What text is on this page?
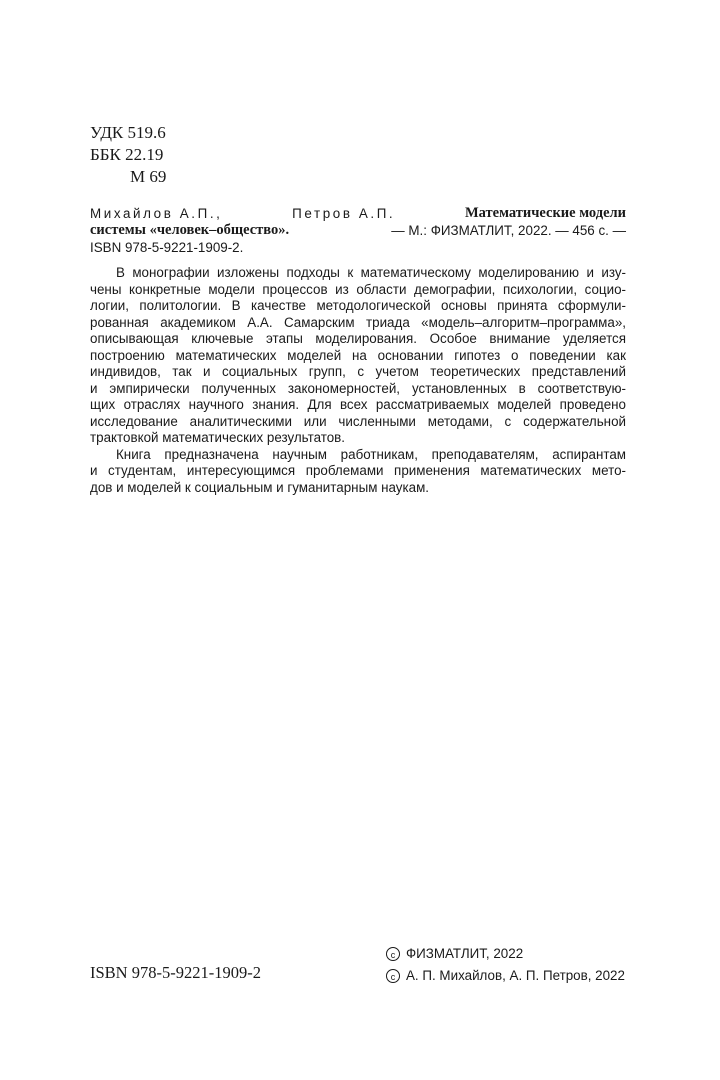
УДК 519.6
ББК 22.19
М 69
Михайлов А.П.,	Петров А.П.	Математические модели
системы «человек–общество».	— М.: ФИЗМАТЛИТ, 2022. — 456 с. —
ISBN 978-5-9221-1909-2.
В монографии изложены подходы к математическому моделированию и изу-
чены конкретные модели процессов из области демографии, психологии, социо-
логии, политологии. В качестве методологической основы принята сформули-
рованная академиком А.А. Самарским триада «модель–алгоритм–программа»,
описывающая ключевые этапы моделирования. Особое внимание уделяется
построению математических моделей на основании гипотез о поведении как
индивидов, так и социальных групп, с учетом теоретических представлений
и эмпирически полученных закономерностей, установленных в соответствую-
щих отраслях научного знания. Для всех рассматриваемых моделей проведено
исследование аналитическими или численными методами, с содержательной
трактовкой математических результатов.
Книга предназначена научным работникам, преподавателям, аспирантам
и студентам, интересующимся проблемами применения математических мето-
дов и моделей к социальным и гуманитарным наукам.
ISBN 978-5-9221-1909-2
c ФИЗМАТЛИТ, 2022
c А. П. Михайлов, А. П. Петров, 2022
